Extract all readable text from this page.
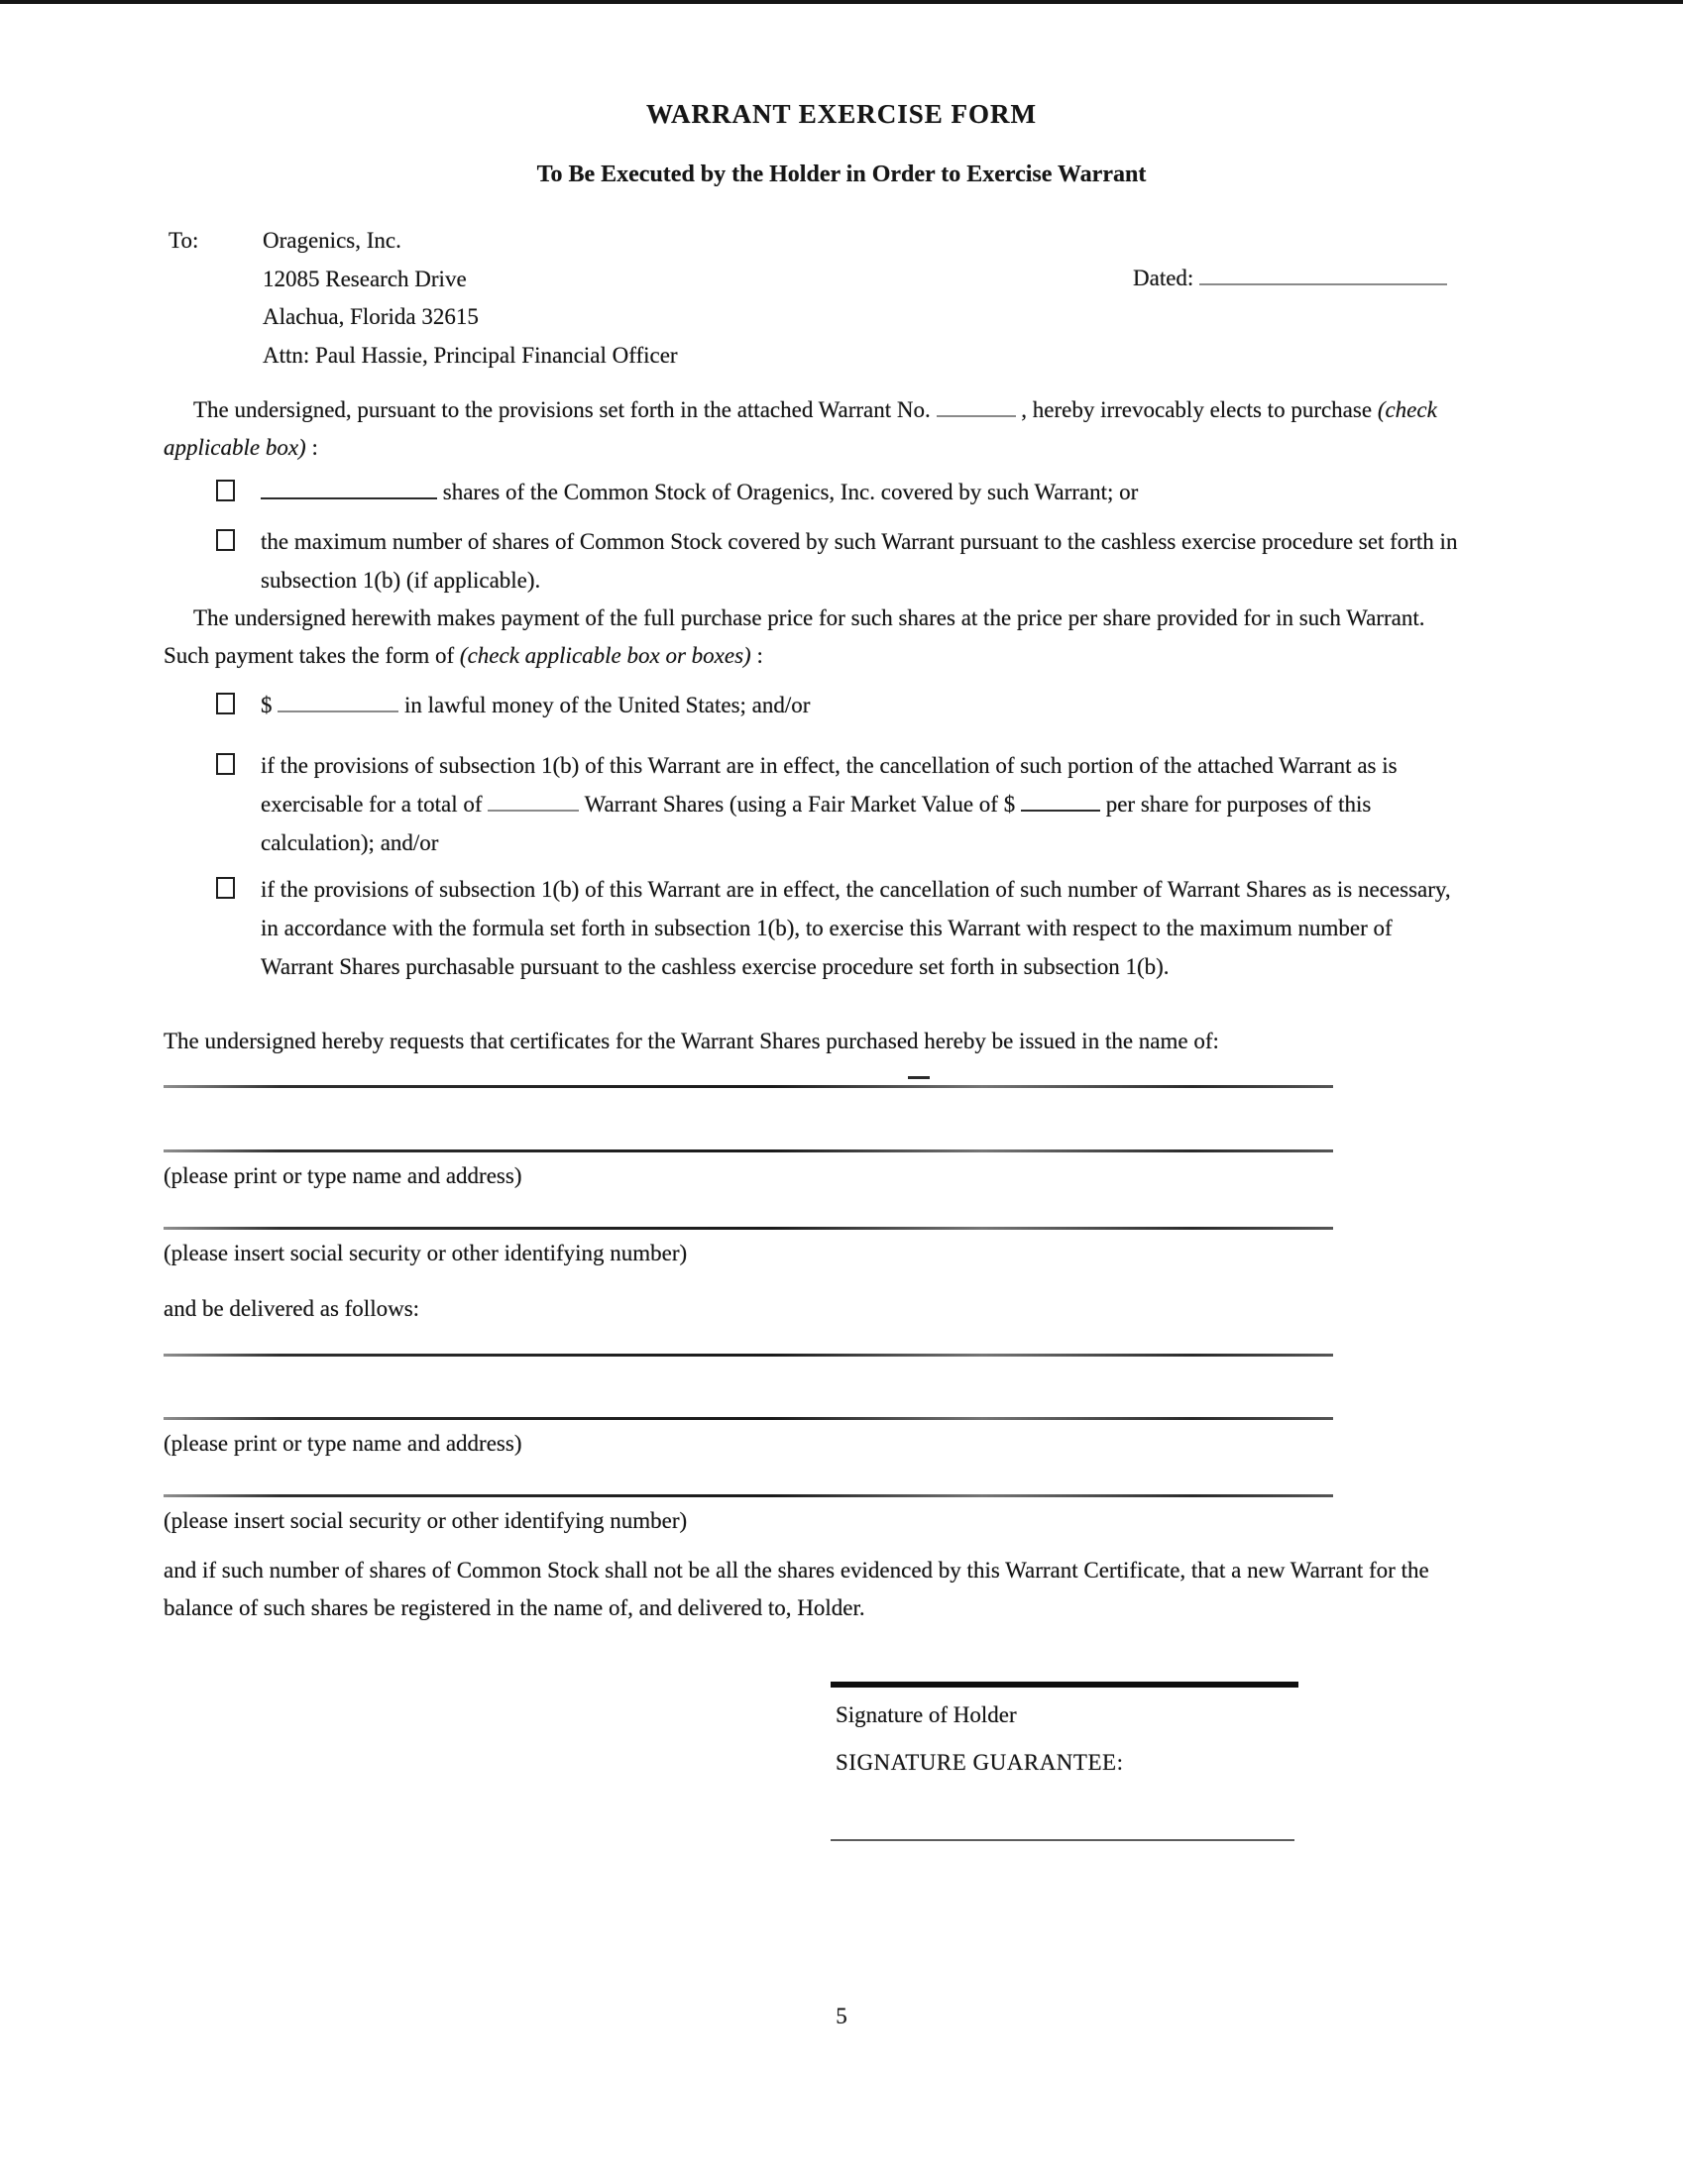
WARRANT EXERCISE FORM
To Be Executed by the Holder in Order to Exercise Warrant
To:	Oragenics, Inc.
12085 Research Drive
Alachua, Florida 32615
Attn: Paul Hassie, Principal Financial Officer
Dated:

The undersigned, pursuant to the provisions set forth in the attached Warrant No.	, hereby irrevocably elects to purchase (check applicable box) :

shares of the Common Stock of Oragenics, Inc. covered by such Warrant; or
the maximum number of shares of Common Stock covered by such Warrant pursuant to the cashless exercise procedure set forth in subsection 1(b) (if applicable).

The undersigned herewith makes payment of the full purchase price for such shares at the price per share provided for in such Warrant. Such payment takes the form of (check applicable box or boxes) :

$	in lawful money of the United States; and/or
if the provisions of subsection 1(b) of this Warrant are in effect, the cancellation of such portion of the attached Warrant as is exercisable for a total of	Warrant Shares (using a Fair Market Value of $	per share for purposes of this calculation); and/or
if the provisions of subsection 1(b) of this Warrant are in effect, the cancellation of such number of Warrant Shares as is necessary, in accordance with the formula set forth in subsection 1(b), to exercise this Warrant with respect to the maximum number of Warrant Shares purchasable pursuant to the cashless exercise procedure set forth in subsection 1(b).

The undersigned hereby requests that certificates for the Warrant Shares purchased hereby be issued in the name of:

(please print or type name and address)
(please insert social security or other identifying number)
and be delivered as follows:
(please print or type name and address)
(please insert social security or other identifying number)

and if such number of shares of Common Stock shall not be all the shares evidenced by this Warrant Certificate, that a new Warrant for the balance of such shares be registered in the name of, and delivered to, Holder.

Signature of Holder
SIGNATURE GUARANTEE:
5
